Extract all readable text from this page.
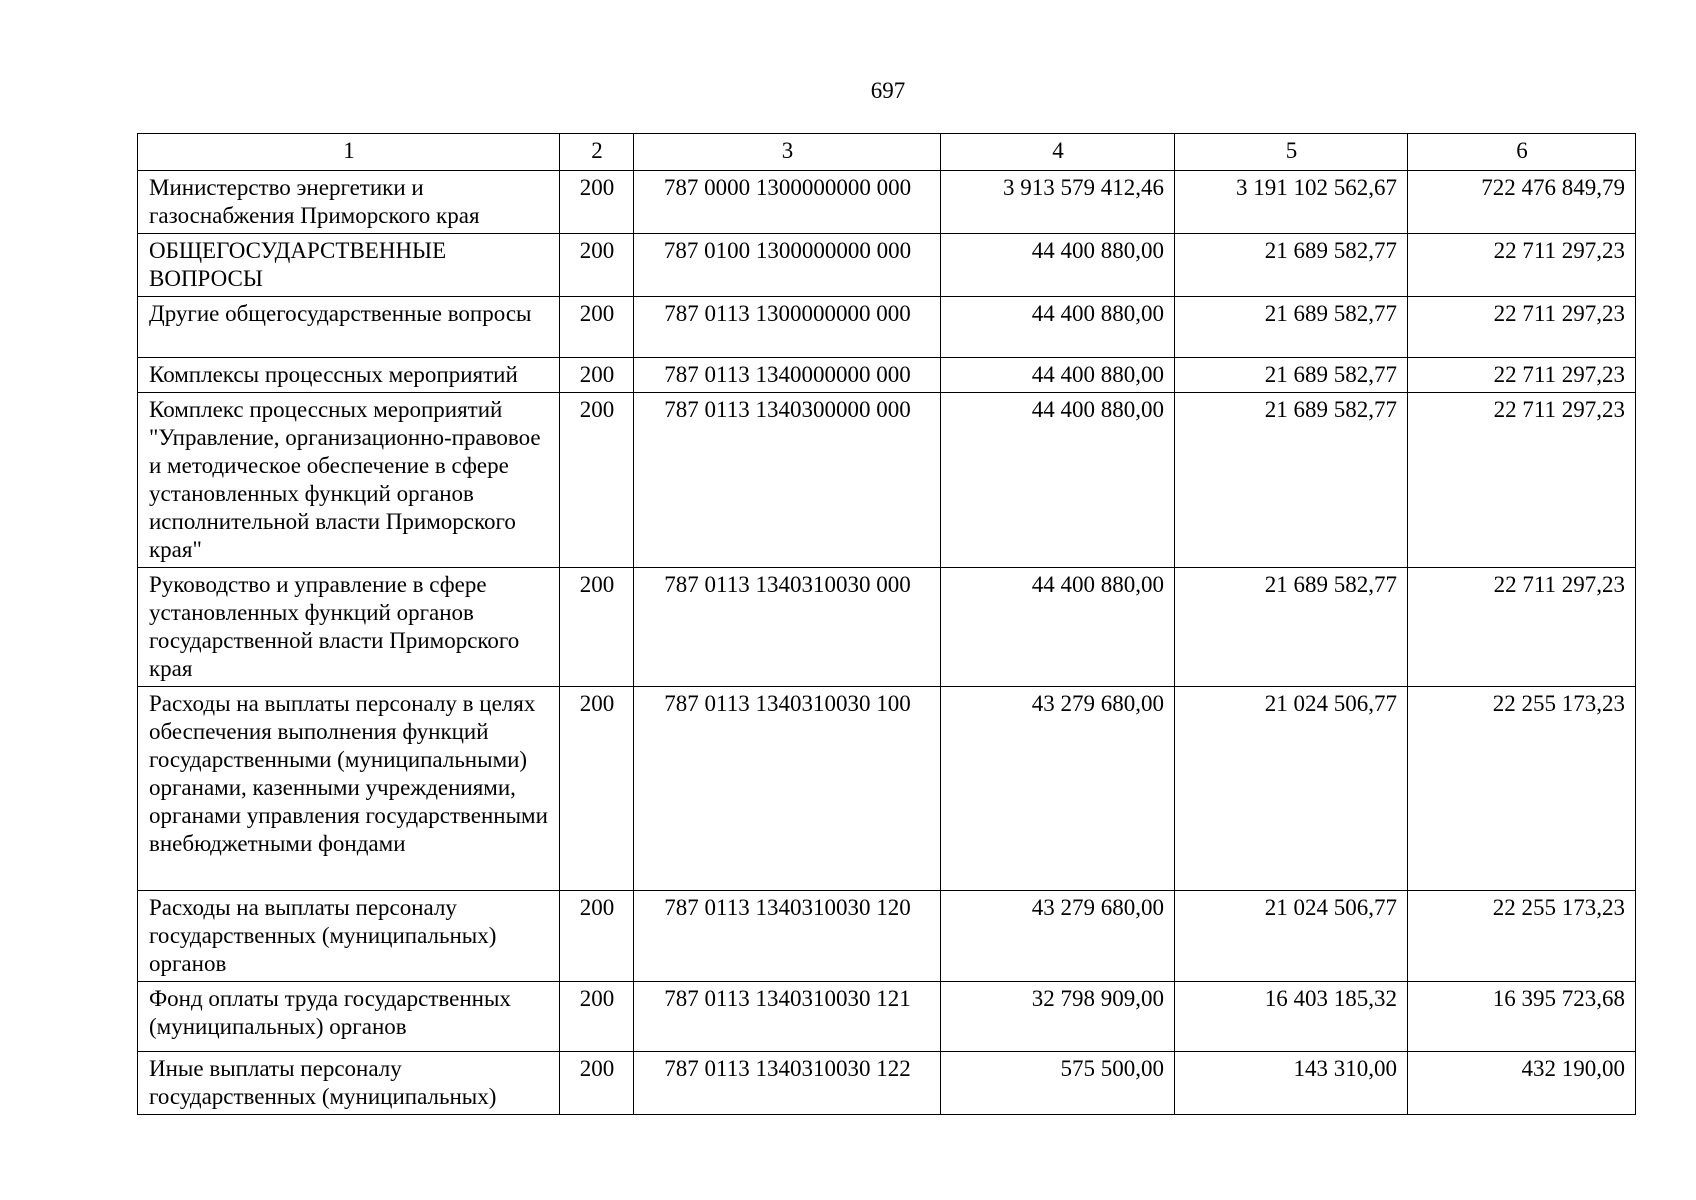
697
1	2	3	4	5	6
Министерство энергетики и газоснабжения Приморского края	200	787 0000 1300000000 000	3 913 579 412,46	3 191 102 562,67	722 476 849,79
ОБЩЕГОСУДАРСТВЕННЫЕ ВОПРОСЫ	200	787 0100 1300000000 000	44 400 880,00	21 689 582,77	22 711 297,23
Другие общегосударственные вопросы	200	787 0113 1300000000 000	44 400 880,00	21 689 582,77	22 711 297,23
Комплексы процессных мероприятий	200	787 0113 1340000000 000	44 400 880,00	21 689 582,77	22 711 297,23
Комплекс процессных мероприятий "Управление, организационно-правовое и методическое обеспечение в сфере установленных функций органов исполнительной власти Приморского края"	200	787 0113 1340300000 000	44 400 880,00	21 689 582,77	22 711 297,23
Руководство и управление в сфере установленных функций органов государственной власти Приморского края	200	787 0113 1340310030 000	44 400 880,00	21 689 582,77	22 711 297,23
Расходы на выплаты персоналу в целях обеспечения выполнения функций государственными (муниципальными) органами, казенными учреждениями, органами управления государственными внебюджетными фондами	200	787 0113 1340310030 100	43 279 680,00	21 024 506,77	22 255 173,23
Расходы на выплаты персоналу государственных (муниципальных) органов	200	787 0113 1340310030 120	43 279 680,00	21 024 506,77	22 255 173,23
Фонд оплаты труда государственных (муниципальных) органов	200	787 0113 1340310030 121	32 798 909,00	16 403 185,32	16 395 723,68
Иные выплаты персоналу государственных (муниципальных)	200	787 0113 1340310030 122	575 500,00	143 310,00	432 190,00
